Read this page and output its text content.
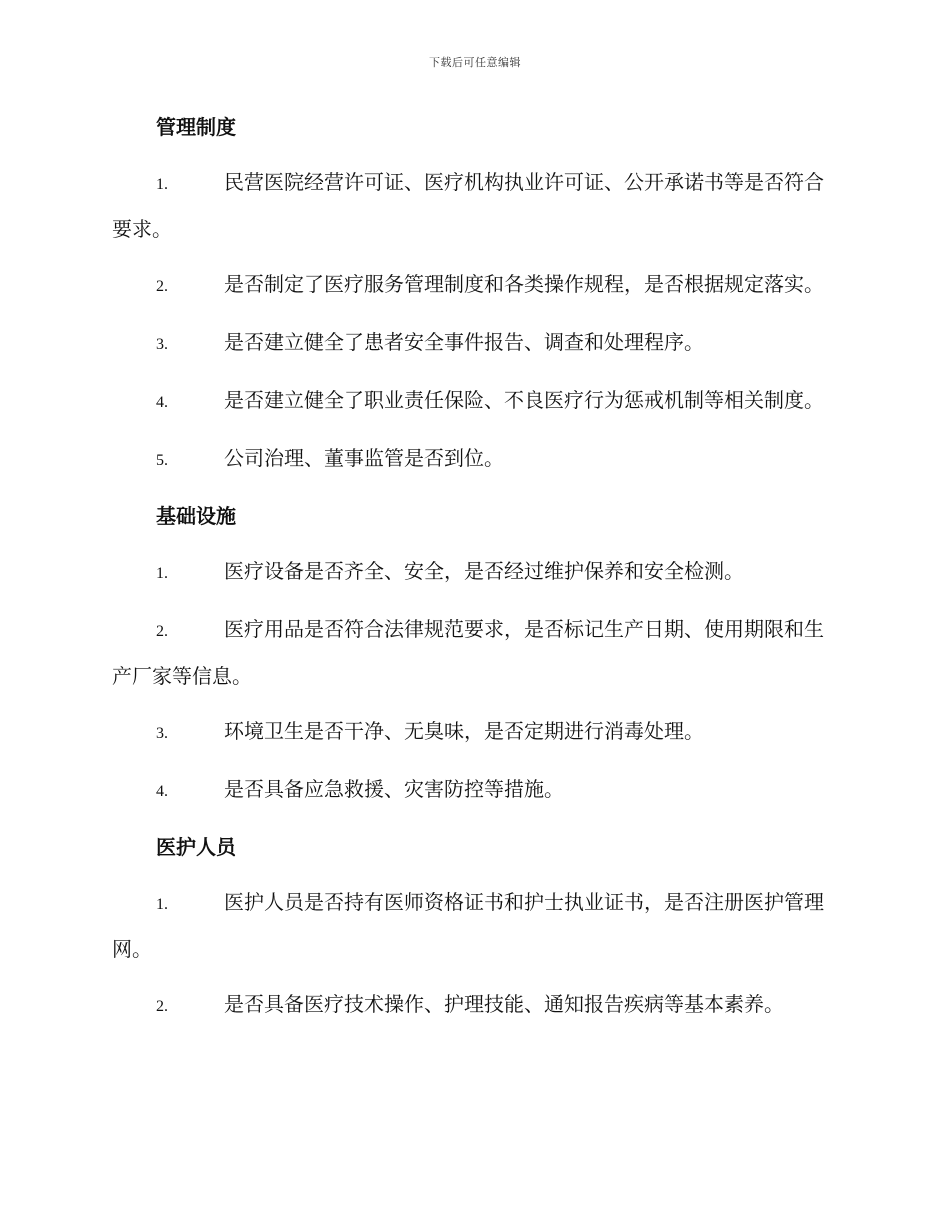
下载后可任意编辑
管理制度
1.	民营医院经营许可证、医疗机构执业许可证、公开承诺书等是否符合要求。
2.	是否制定了医疗服务管理制度和各类操作规程，是否根据规定落实。
3.	是否建立健全了患者安全事件报告、调查和处理程序。
4.	是否建立健全了职业责任保险、不良医疗行为惩戒机制等相关制度。
5.	公司治理、董事监管是否到位。
基础设施
1.	医疗设备是否齐全、安全，是否经过维护保养和安全检测。
2.	医疗用品是否符合法律规范要求，是否标记生产日期、使用期限和生产厂家等信息。
3.	环境卫生是否干净、无臭味，是否定期进行消毒处理。
4.	是否具备应急救援、灾害防控等措施。
医护人员
1.	医护人员是否持有医师资格证书和护士执业证书，是否注册医护管理网。
2.	是否具备医疗技术操作、护理技能、通知报告疾病等基本素养。
